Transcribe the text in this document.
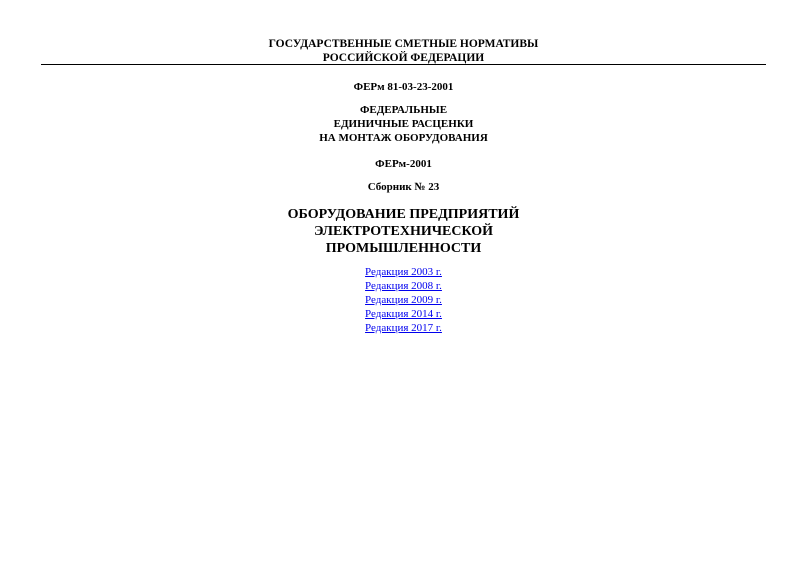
ГОСУДАРСТВЕННЫЕ СМЕТНЫЕ НОРМАТИВЫ
РОССИЙСКОЙ ФЕДЕРАЦИИ
ФЕРм 81-03-23-2001
ФЕДЕРАЛЬНЫЕ
ЕДИНИЧНЫЕ РАСЦЕНКИ
НА МОНТАЖ ОБОРУДОВАНИЯ
ФЕРм-2001
Сборник № 23
ОБОРУДОВАНИЕ ПРЕДПРИЯТИЙ
ЭЛЕКТРОТЕХНИЧЕСКОЙ
ПРОМЫШЛЕННОСТИ
Редакция 2003 г.
Редакция 2008 г.
Редакция 2009 г.
Редакция 2014 г.
Редакция 2017 г.
